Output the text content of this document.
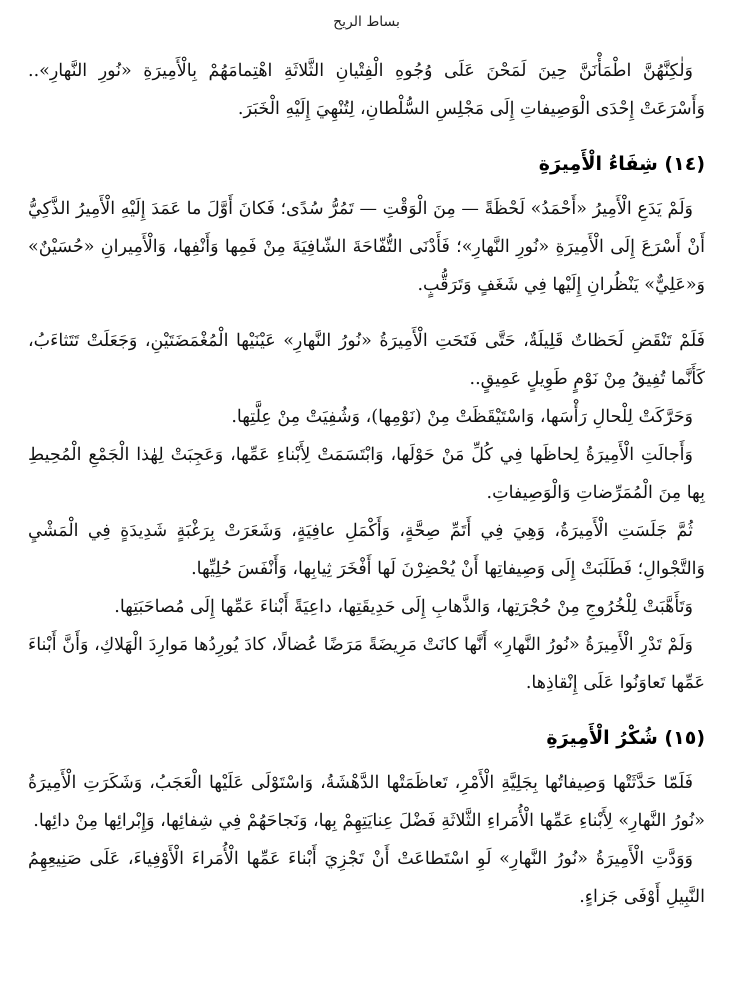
بساط الريح

وَلٰكِنَّهُنَّ اطْمَأْنَنَّ حِينَ لَمَحْنَ عَلَى وُجُوهِ الْفِتْيانِ الثَّلاثَةِ اهْتِمامَهُمْ بِالْأَمِيرَةِ «نُورِ النَّهارِ».. وَأَسْرَعَتْ إِحْدَى الْوَصِيفاتِ إِلَى مَجْلِسِ السُّلْطانِ، لِتُنْهِيَ إِلَيْهِ الْخَبَرَ.

(١٤) شِفَاءُ الْأَمِيرَةِ

وَلَمْ يَدَعِ الْأَمِيرُ «أَحْمَدُ» لَحْظَةً — مِنَ الْوَقْتِ — تَمُرُّ سُدًى؛ فَكانَ أَوَّلَ ما عَمَدَ إِلَيْهِ الْأَمِيرُ الذَّكِيُّ أَنْ أَسْرَعَ إِلَى الْأَمِيرَةِ «نُورِ النَّهارِ»؛ فَأَدْنَى التُّفّاحَةَ الشّافِيَةَ مِنْ فَمِها وَأَنْفِها، وَالْأَمِيرانِ «حُسَيْنٌ» وَ«عَلِيٌّ» يَنْظُرانِ إِلَيْها فِي شَغَفٍ وَتَرَقُّبٍ.

فَلَمْ تَنْقَضِ لَحَظاتٌ قَلِيلَةٌ، حَتَّى فَتَحَتِ الْأَمِيرَةُ «نُورُ النَّهارِ» عَيْنَيْها الْمُغْمَضَتَيْنِ، وَجَعَلَتْ تَتَثاءَبُ، كَأَنَّما تُفِيقُ مِنْ نَوْمٍ طَوِيلٍ عَمِيقٍ..

وَحَرَّكَتْ لِلْحالِ رَأْسَها، وَاسْتَيْقَظَتْ مِنْ (نَوْمِها)، وَشُفِيَتْ مِنْ عِلَّتِها.

وَأَجالَتِ الْأَمِيرَةُ لِحاظَها فِي كُلِّ مَنْ حَوْلَها، وَابْتَسَمَتْ لِأَبْناءِ عَمِّها، وَعَجِبَتْ لِهٰذا الْجَمْعِ الْمُحِيطِ بِها مِنَ الْمُمَرِّضاتِ وَالْوَصِيفاتِ.

ثُمَّ جَلَسَتِ الْأَمِيرَةُ، وَهِيَ فِي أَتَمِّ صِحَّةٍ، وَأَكْمَلِ عافِيَةٍ، وَشَعَرَتْ بِرَغْبَةٍ شَدِيدَةٍ فِي الْمَشْيِ وَالتَّجْوالِ؛ فَطَلَبَتْ إِلَى وَصِيفاتِها أَنْ يُحْضِرْنَ لَها أَفْخَرَ ثِيابِها، وَأَنْفَسَ حُلِيِّها.

وَتَأَهَّبَتْ لِلْخُرُوجِ مِنْ حُجْرَتِها، وَالذَّهابِ إِلَى حَدِيقَتِها، داعِيَةً أَبْناءَ عَمِّها إِلَى مُصاحَبَتِها.

وَلَمْ تَدْرِ الْأَمِيرَةُ «نُورُ النَّهارِ» أَنَّها كانَتْ مَرِيضَةً مَرَضًا عُضالًا، كادَ يُورِدُها مَوارِدَ الْهَلاكِ، وَأَنَّ أَبْناءَ عَمِّها تَعاوَنُوا عَلَى إِنْقاذِها.

(١٥) شُكْرُ الْأَمِيرَةِ

فَلَمّا حَدَّثَتْها وَصِيفاتُها بِجَلِيَّةِ الْأَمْرِ، تَعاظَمَتْها الدَّهْشَةُ، وَاسْتَوْلَى عَلَيْها الْعَجَبُ، وَشَكَرَتِ الْأَمِيرَةُ «نُورُ النَّهارِ» لِأَبْناءِ عَمِّها الْأُمَراءِ الثَّلاثَةِ فَضْلَ عِنايَتِهِمْ بِها، وَنَجاحَهُمْ فِي شِفائِها، وَإِبْرائِها مِنْ دائِها.

وَوَدَّتِ الْأَمِيرَةُ «نُورُ النَّهارِ» لَوِ اسْتَطاعَتْ أَنْ تَجْزِيَ أَبْناءَ عَمِّها الْأُمَراءَ الْأَوْفِياءَ، عَلَى صَنِيعِهِمُ النَّبِيلِ أَوْفَى جَزاءٍ.
